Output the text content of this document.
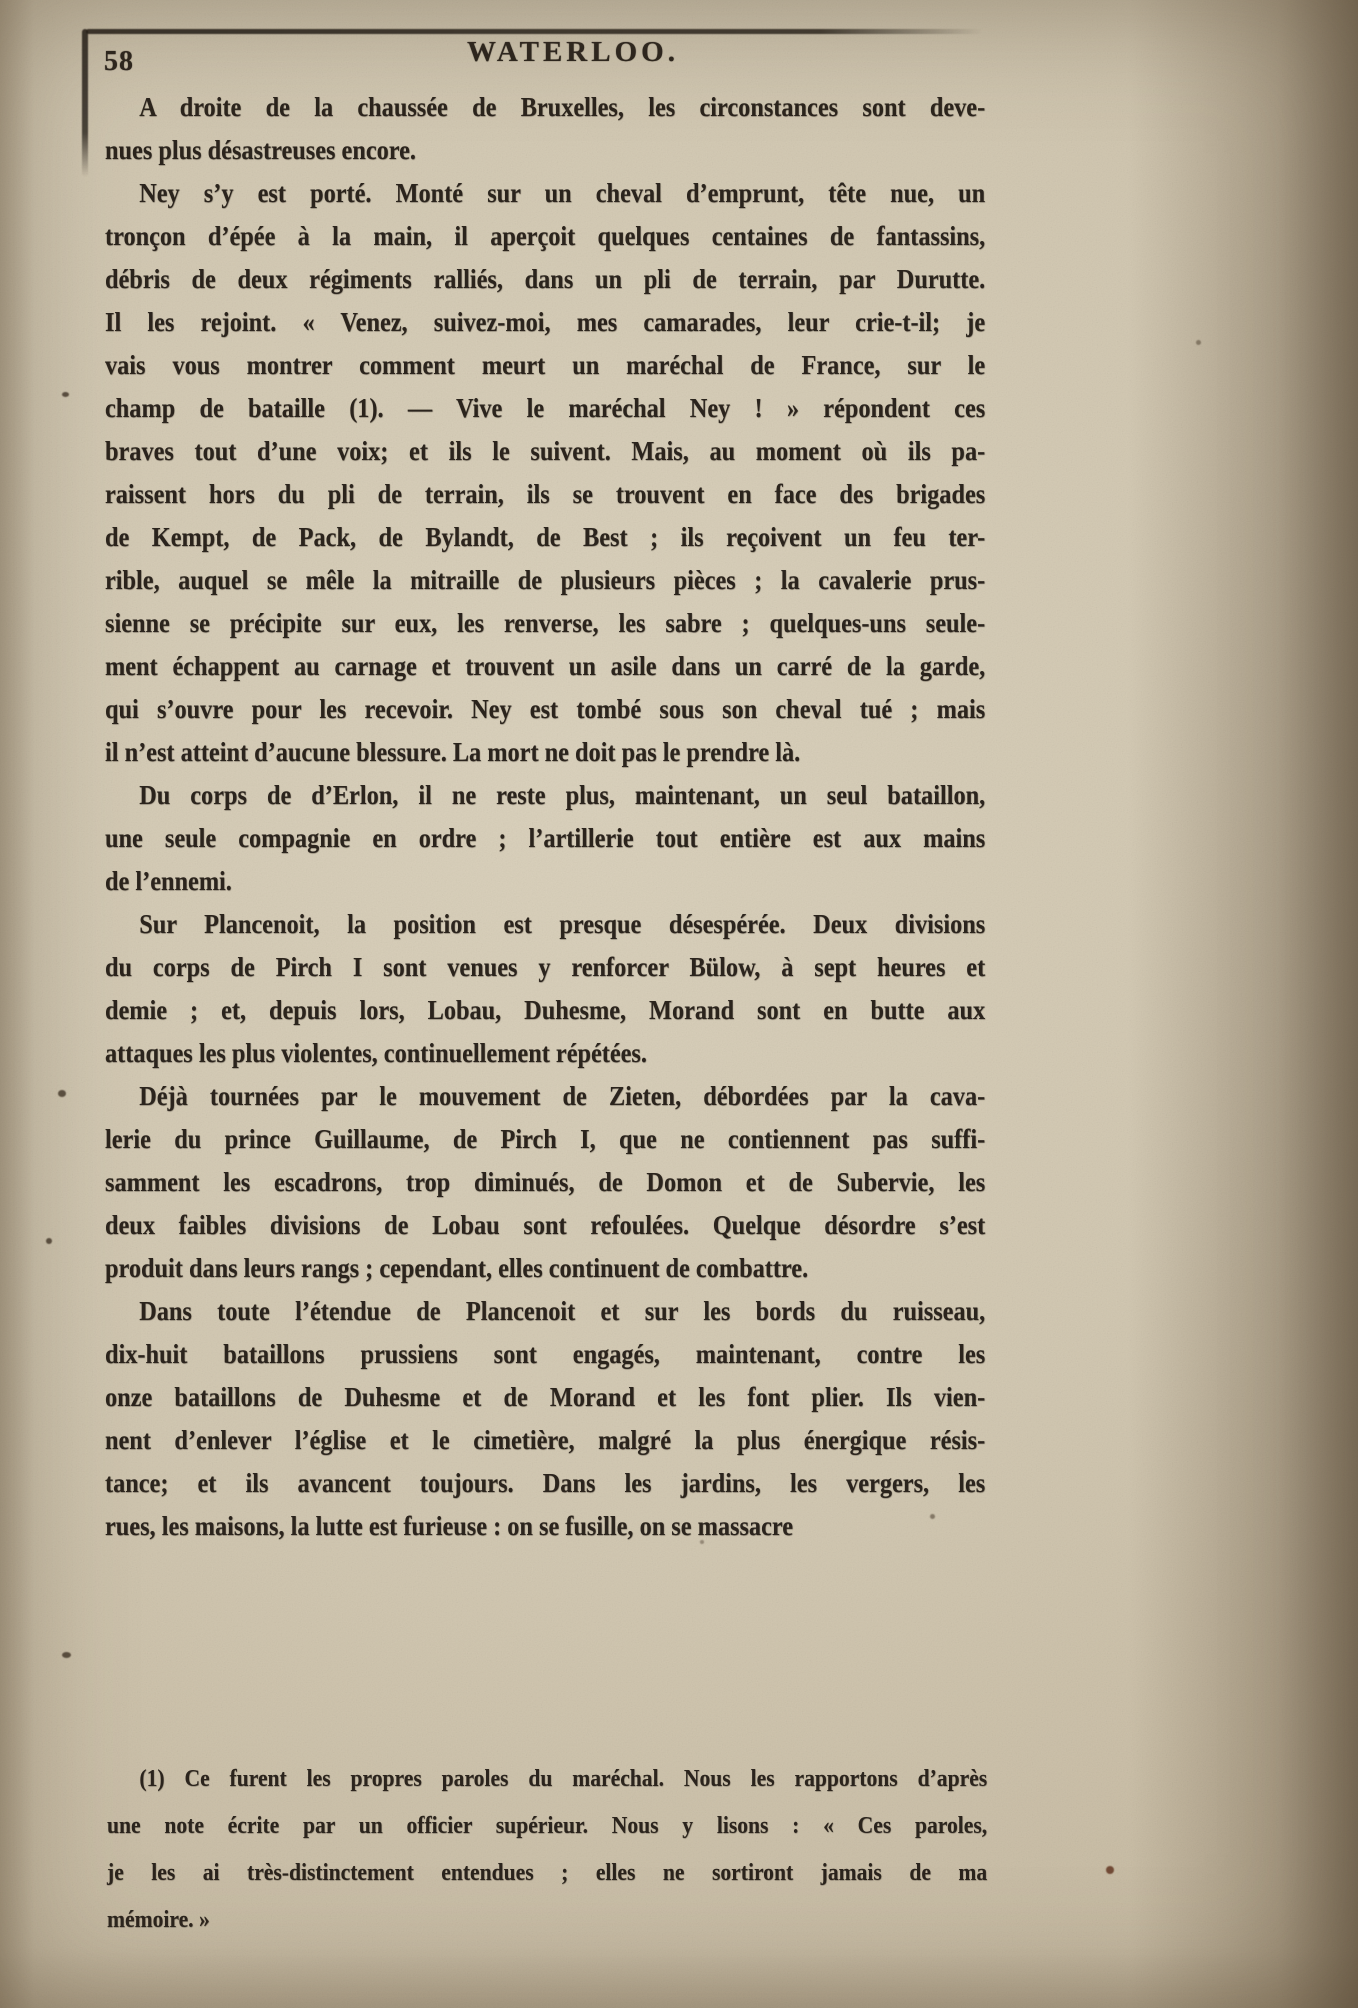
58	WATERLOO.
A droite de la chaussée de Bruxelles, les circonstances sont deve-
nues plus désastreuses encore.
Ney s’y est porté. Monté sur un cheval d’emprunt, tête nue, un
tronçon d’épée à la main, il aperçoit quelques centaines de fantassins,
débris de deux régiments ralliés, dans un pli de terrain, par Durutte.
Il les rejoint. « Venez, suivez-moi, mes camarades, leur crie-t-il; je
vais vous montrer comment meurt un maréchal de France, sur le
champ de bataille (1). — Vive le maréchal Ney ! » répondent ces
braves tout d’une voix; et ils le suivent. Mais, au moment où ils pa-
raissent hors du pli de terrain, ils se trouvent en face des brigades
de Kempt, de Pack, de Bylandt, de Best ; ils reçoivent un feu ter-
rible, auquel se mêle la mitraille de plusieurs pièces ; la cavalerie prus-
sienne se précipite sur eux, les renverse, les sabre ; quelques-uns seule-
ment échappent au carnage et trouvent un asile dans un carré de la garde,
qui s’ouvre pour les recevoir. Ney est tombé sous son cheval tué ; mais
il n’est atteint d’aucune blessure. La mort ne doit pas le prendre là.
Du corps de d’Erlon, il ne reste plus, maintenant, un seul bataillon,
une seule compagnie en ordre ; l’artillerie tout entière est aux mains
de l’ennemi.
Sur Plancenoit, la position est presque désespérée. Deux divisions
du corps de Pirch I sont venues y renforcer Bülow, à sept heures et
demie ; et, depuis lors, Lobau, Duhesme, Morand sont en butte aux
attaques les plus violentes, continuellement répétées.
Déjà tournées par le mouvement de Zieten, débordées par la cava-
lerie du prince Guillaume, de Pirch I, que ne contiennent pas suffi-
samment les escadrons, trop diminués, de Domon et de Subervie, les
deux faibles divisions de Lobau sont refoulées. Quelque désordre s’est
produit dans leurs rangs ; cependant, elles continuent de combattre.
Dans toute l’étendue de Plancenoit et sur les bords du ruisseau,
dix-huit bataillons prussiens sont engagés, maintenant, contre les
onze bataillons de Duhesme et de Morand et les font plier. Ils vien-
nent d’enlever l’église et le cimetière, malgré la plus énergique résis-
tance; et ils avancent toujours. Dans les jardins, les vergers, les
rues, les maisons, la lutte est furieuse : on se fusille, on se massacre
(1) Ce furent les propres paroles du maréchal. Nous les rapportons d’après
une note écrite par un officier supérieur. Nous y lisons : « Ces paroles,
je les ai très-distinctement entendues ; elles ne sortiront jamais de ma
mémoire. »
